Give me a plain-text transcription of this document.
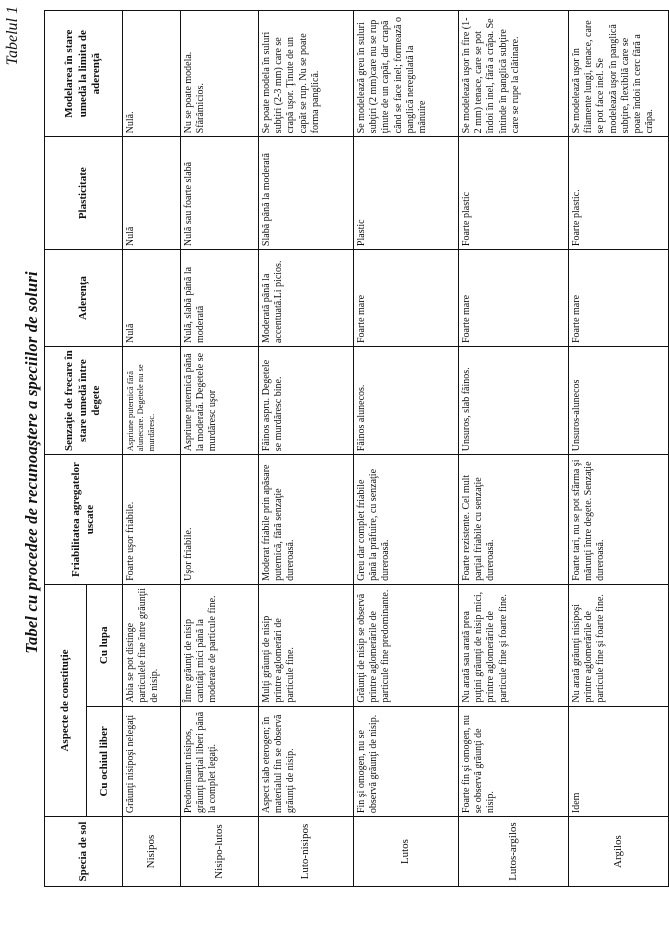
Tabelul 1
Tabel cu procedee de recunoaştere a speciilor de soluri
Specia de sol	Aspecte de constituţie		Friabilitatea agregatelor uscate	Senzaţie de frecare în stare umedă între degete	Aderenţa	Plasticitate	Modelarea în stare umedă la limita de aderenţă
	Cu ochiul liber	Cu lupa					
Nisipos	Grăunţi nisipoşi nelegaţi	Abia se pot distinge particulele fine între grăunţii de nisip.	Foarte uşor friabile.	Aspriune puternică fără alunecare. Degetele nu se murdăresc.	Nulă	Nulă	Nulă.
Nisipo-lutos	Predominant nisipos, grăunţi parţial liberi până la complet legaţi.	Între grăunţi de nisip cantităţi mici până la moderate de particule fine.	Uşor friabile.	Aspriune puternică până la moderată. Degetele se murdăresc uşor	Nulă, slabă până la moderată	Nulă sau foarte slabă	Nu se poate modela. Sfărâmicios.
Luto-nisipos	Aspect slab eterogen; în materialul fin se observă grăunţi de nisip.	Mulţi grăunţi de nisip printre aglomerări de particule fine.	Moderat friabile prin apăsare puternică, fără senzaţie dureroasă.	Făinos aspru. Degetele se murdăresc bine.	Moderată până la accentuată.Li picios.	Slabă până la moderată	Se poate modela în suluri subţiri (2-3 mm) care se crapă uşor. Ţinute de un capăt se rup. Nu se poate forma panglică.
Lutos	Fin şi omogen, nu se observă grăunţi de nisip.	Grăunţi de nisip se observă printre aglomerările de particule fine predominante.	Greu dar complet friabile până la prăfuire, cu senzaţie dureroasă.	Făinos alunecos.	Foarte mare	Plastic	Se modelează greu în suluri subţiri (2 mm)care nu se rup ţinute de un capăt, dar crapă când se face inel; formează o panglică neregulată la mânuire
Lutos-argilos	Foarte fin şi omogen, nu se observă grăunţi de nisip.	Nu arată sau arată prea puţini grăunţi de nisip mici, printre aglomerările de particule fine şi foarte fine.	Foarte rezistente. Cel mult parţial friabile cu senzaţie dureroasă.	Unsuros, slab făinos.	Foarte mare	Foarte plastic	Se modelează uşor în fire (1-2 mm) tenace, care se pot îndoi în inel, fără a crăpa. Se întinde în panglică subţire care se rupe la clătinare.
Argilos	Idem	Nu arată grăunţi nisipoşi printre aglomerările de particule fine şi foarte fine.	Foarte tari, nu se pot sfărma şi mărunţi între degete. Senzaţie dureroasă.	Unsuros-alunecos	Foarte mare	Foarte plastic.	Se modelează uşor în filamente lungi, tenace, care se pot face inel. Se modelează uşor în panglică subţire, flexibilă care se poate îndoi în cerc fără a crăpa.
